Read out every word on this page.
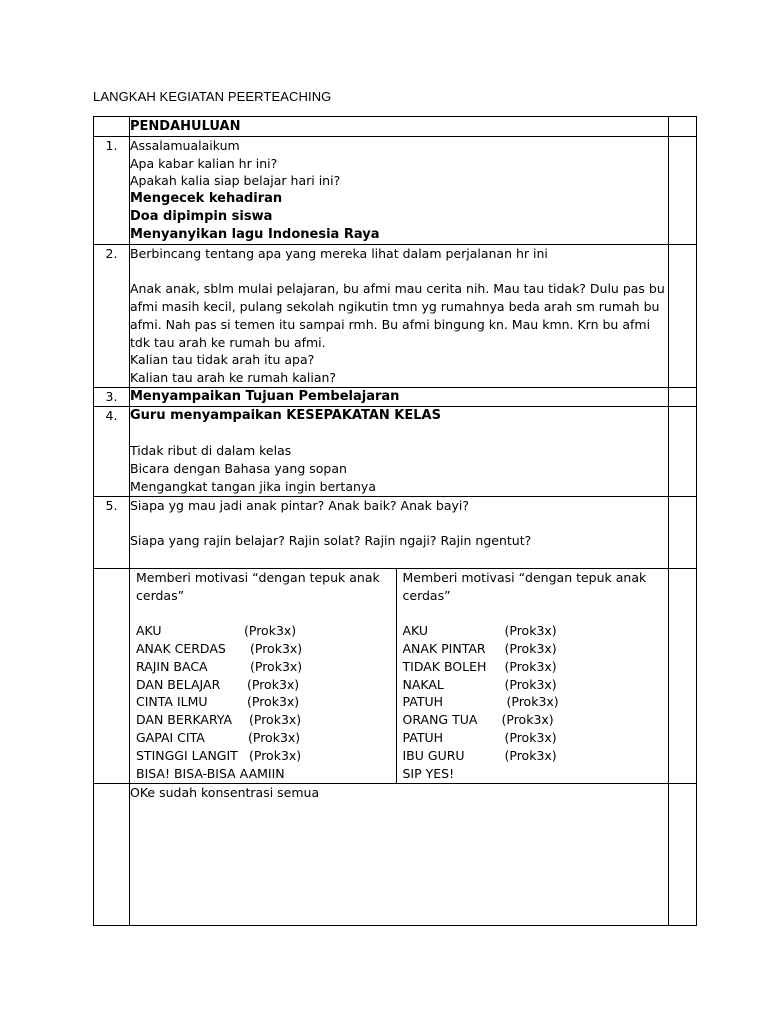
LANGKAH KEGIATAN PEERTEACHING
	PENDAHULUAN	
1.	Assalamualaikum
Apa kabar kalian hr ini?
Apakah kalia siap belajar hari ini?
Mengecek kehadiran
Doa dipimpin siswa
Menyanyikan lagu Indonesia Raya

2.	Berbincang tentang apa yang mereka lihat dalam perjalanan hr ini
Anak anak, sblm mulai pelajaran, bu afmi mau cerita nih. Mau tau tidak? Dulu pas bu afmi masih kecil, pulang sekolah ngikutin tmn yg rumahnya beda arah sm rumah bu afmi. Nah pas si temen itu sampai rmh. Bu afmi bingung kn. Mau kmn. Krn bu afmi tdk tau arah ke rumah bu afmi.
Kalian tau tidak arah itu apa?
Kalian tau arah ke rumah kalian?

3.	Menyampaikan Tujuan Pembelajaran

4.	Guru menyampaikan KESEPAKATAN KELAS
Tidak ribut di dalam kelas
Bicara dengan Bahasa yang sopan
Mengangkat tangan jika ingin bertanya

5.	Siapa yg mau jadi anak pintar? Anak baik? Anak bayi?
Siapa yang rajin belajar? Rajin solat? Rajin ngaji? Rajin ngentut?

Memberi motivasi “dengan tepuk anak cerdas”
AKU	(Prok3x)
ANAK CERDAS	(Prok3x)
RAJIN BACA	(Prok3x)
DAN BELAJAR	(Prok3x)
CINTA ILMU	(Prok3x)
DAN BERKARYA	(Prok3x)
GAPAI CITA	(Prok3x)
STINGGI LANGIT (Prok3x)
BISA! BISA-BISA AAMIIN

Memberi motivasi “dengan tepuk anak cerdas”
AKU	(Prok3x)
ANAK PINTAR	(Prok3x)
TIDAK BOLEH	(Prok3x)
NAKAL	(Prok3x)
PATUH	(Prok3x)
ORANG TUA	(Prok3x)
PATUH	(Prok3x)
IBU GURU	(Prok3x)
SIP YES!

OKe sudah konsentrasi semua
